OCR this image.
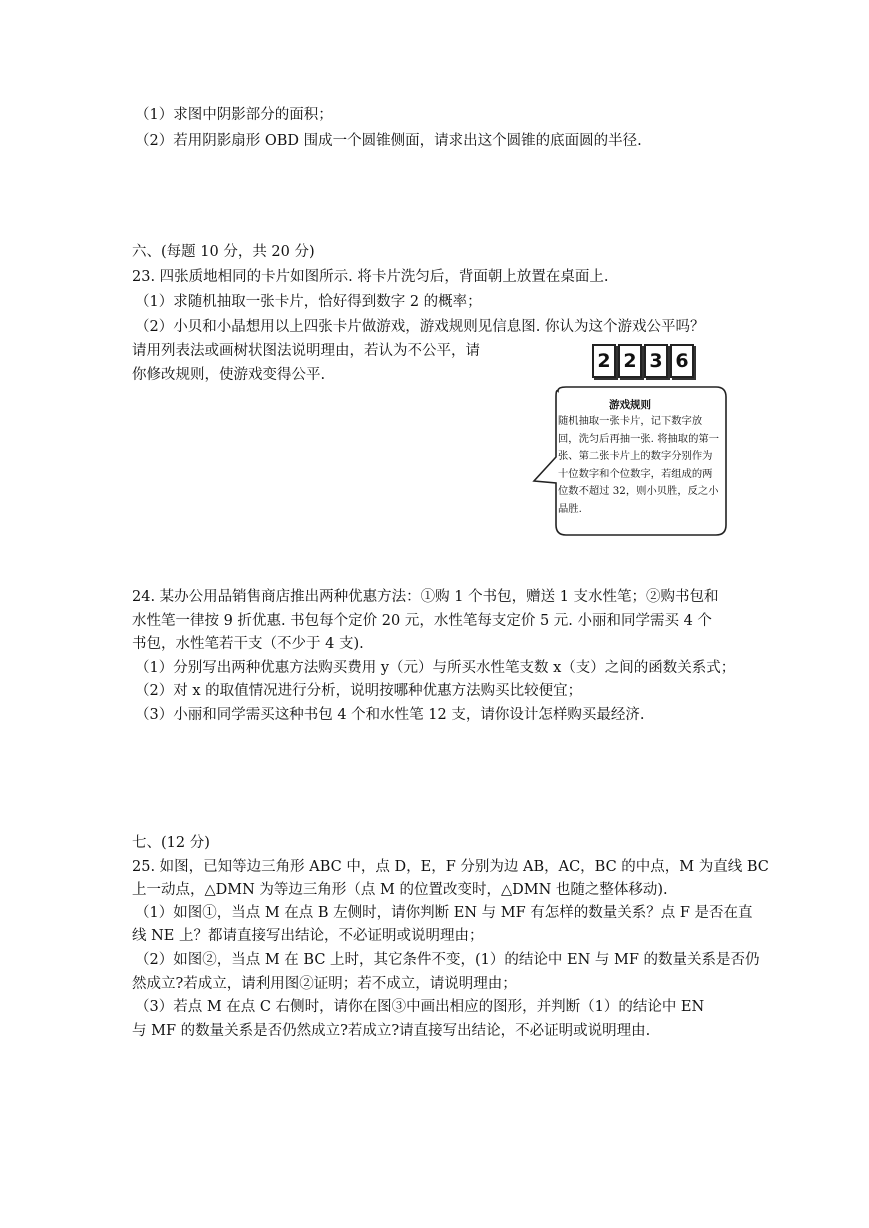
（1）求图中阴影部分的面积；
（2）若用阴影扇形 OBD 围成一个圆锥侧面，请求出这个圆锥的底面圆的半径.
六、(每题 10 分，共 20 分)
23. 四张质地相同的卡片如图所示. 将卡片洗匀后，背面朝上放置在桌面上.
（1）求随机抽取一张卡片，恰好得到数字 2 的概率；
（2）小贝和小晶想用以上四张卡片做游戏，游戏规则见信息图. 你认为这个游戏公平吗？
请用列表法或画树状图法说明理由，若认为不公平，请
你修改规则，使游戏变得公平.
2 2 3 6
游戏规则
随机抽取一张卡片，记下数字放回，洗匀后再抽一张. 将抽取的第一张、第二张卡片上的数字分别作为十位数字和个位数字，若组成的两位数不超过 32，则小贝胜，反之小晶胜.
24. 某办公用品销售商店推出两种优惠方法：①购 1 个书包，赠送 1 支水性笔；②购书包和
水性笔一律按 9 折优惠. 书包每个定价 20 元，水性笔每支定价 5 元. 小丽和同学需买 4 个
书包，水性笔若干支（不少于 4 支).
（1）分别写出两种优惠方法购买费用 y（元）与所买水性笔支数 x（支）之间的函数关系式；
（2）对 x 的取值情况进行分析，说明按哪种优惠方法购买比较便宜；
（3）小丽和同学需买这种书包 4 个和水性笔 12 支，请你设计怎样购买最经济.
七、(12 分)
25. 如图，已知等边三角形 ABC 中，点 D，E，F 分别为边 AB，AC，BC 的中点，M 为直线 BC
上一动点，△DMN 为等边三角形（点 M 的位置改变时，△DMN 也随之整体移动).
（1）如图①，当点 M 在点 B 左侧时，请你判断 EN 与 MF 有怎样的数量关系？点 F 是否在直
线 NE 上？都请直接写出结论，不必证明或说明理由；
（2）如图②，当点 M 在 BC 上时，其它条件不变，(1）的结论中 EN 与 MF 的数量关系是否仍
然成立?若成立，请利用图②证明；若不成立，请说明理由；
（3）若点 M 在点 C 右侧时，请你在图③中画出相应的图形，并判断（1）的结论中 EN
与 MF 的数量关系是否仍然成立?若成立?请直接写出结论，不必证明或说明理由.
